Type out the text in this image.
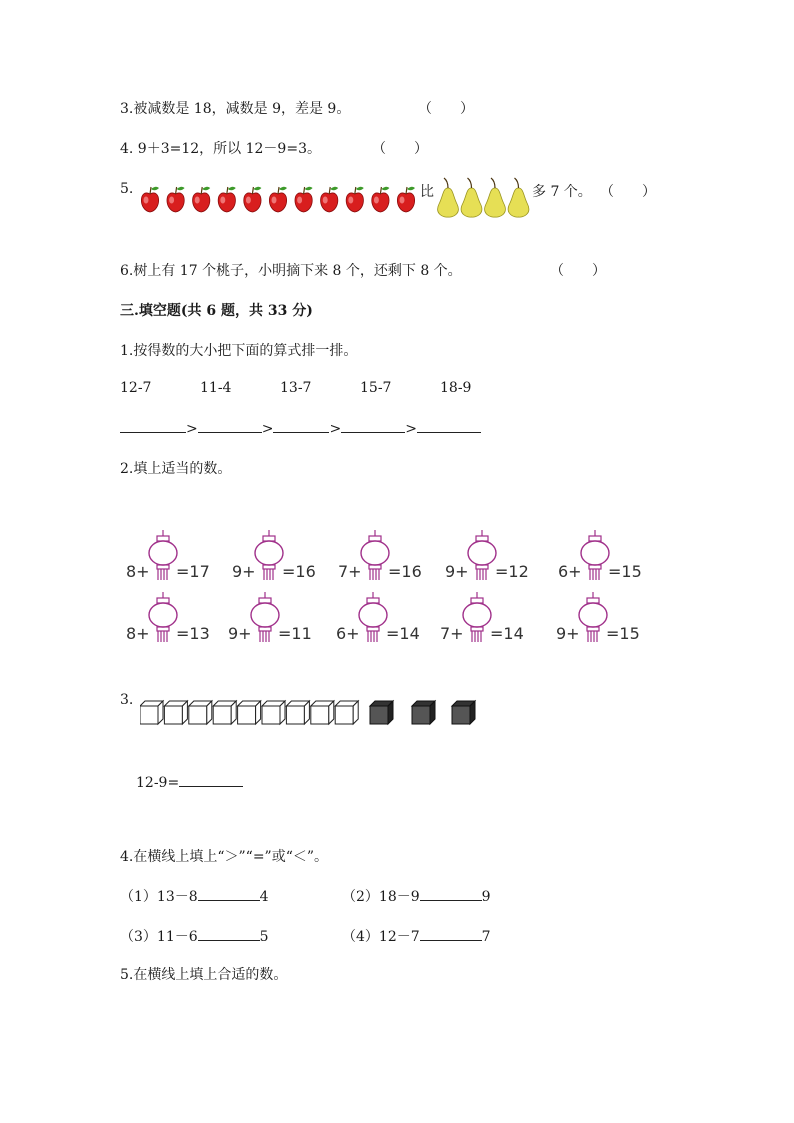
3.被减数是 18，减数是 9，差是 9。	（　　）
4. 9＋3=12，所以 12－9=3。	（　　）
5.	比	多 7 个。 （　　）
6.树上有 17 个桃子，小明摘下来 8 个，还剩下 8 个。	（　　）
三.填空题(共 6 题，共 33 分)
1.按得数的大小把下面的算式排一排。
12-7	11-4	13-7	15-7	18-9
>	>	>	>
2.填上适当的数。
8+ =17 9+ =16 7+ =16 9+ =12 6+ =15
8+ =13 9+ =11 6+ =14 7+ =14 9+ =15
3.
12-9=
4.在横线上填上“＞”“=”或“＜”。
（1）13－8	4	（2）18－9	9
（3）11－6	5	（4）12－7	7
5.在横线上填上合适的数。
